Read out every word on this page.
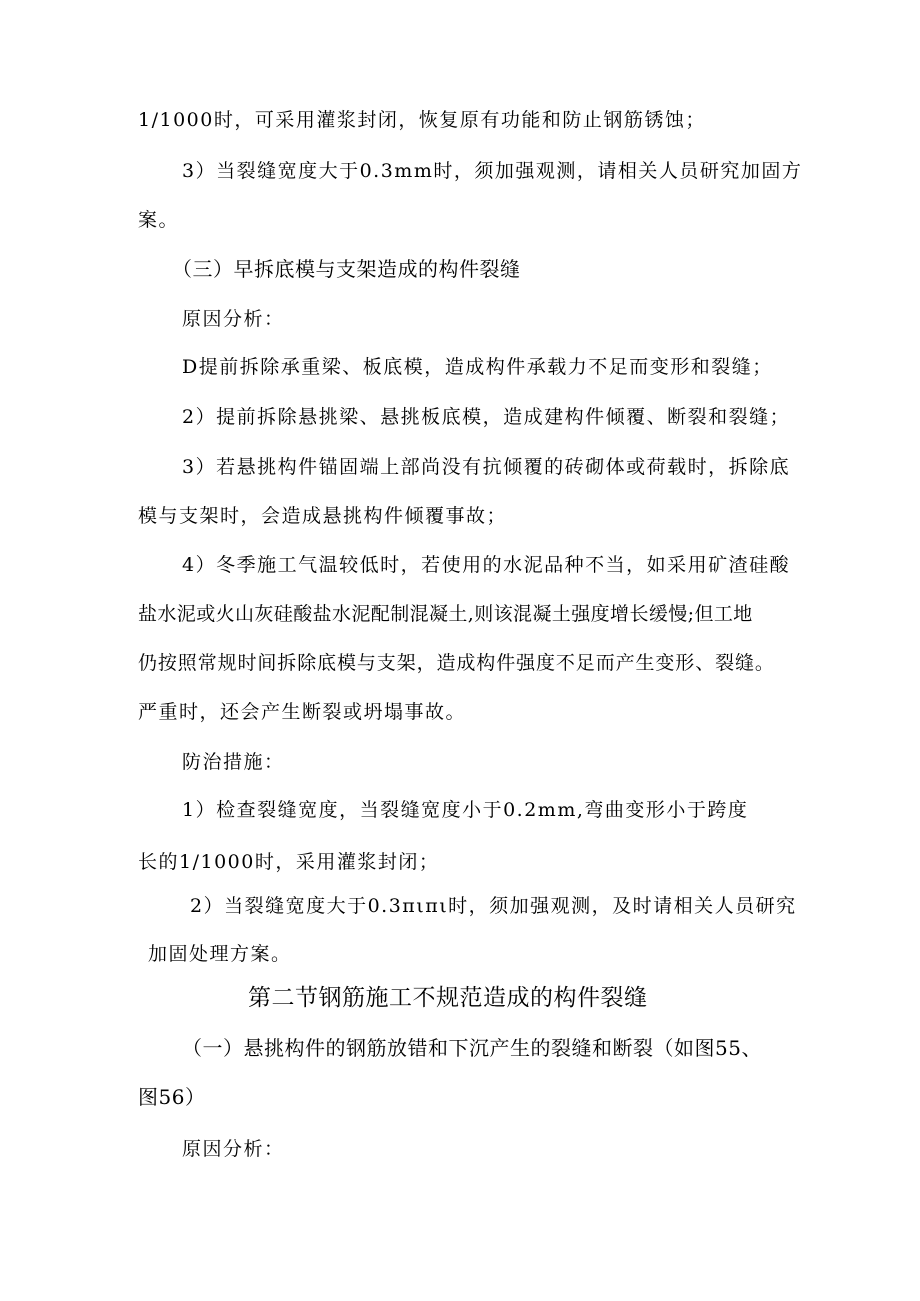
1/1000时，可采用灌浆封闭，恢复原有功能和防止钢筋锈蚀；
3）当裂缝宽度大于0.3mm时，须加强观测，请相关人员研究加固方
案。
（三）早拆底模与支架造成的构件裂缝
原因分析：
D提前拆除承重梁、板底模，造成构件承载力不足而变形和裂缝；
2）提前拆除悬挑梁、悬挑板底模，造成建构件倾覆、断裂和裂缝；
3）若悬挑构件锚固端上部尚没有抗倾覆的砖砌体或荷载时，拆除底
模与支架时，会造成悬挑构件倾覆事故；
4）冬季施工气温较低时，若使用的水泥品种不当，如采用矿渣硅酸
盐水泥或火山灰硅酸盐水泥配制混凝土,则该混凝土强度增长缓慢;但工地
仍按照常规时间拆除底模与支架，造成构件强度不足而产生变形、裂缝。
严重时，还会产生断裂或坍塌事故。
防治措施：
1）检查裂缝宽度，当裂缝宽度小于0.2mm,弯曲变形小于跨度
长的1/1000时，采用灌浆封闭；
2）当裂缝宽度大于0.3πιπι时，须加强观测，及时请相关人员研究
加固处理方案。
第二节钢筋施工不规范造成的构件裂缝
（一）悬挑构件的钢筋放错和下沉产生的裂缝和断裂（如图55、
图56）
原因分析：
